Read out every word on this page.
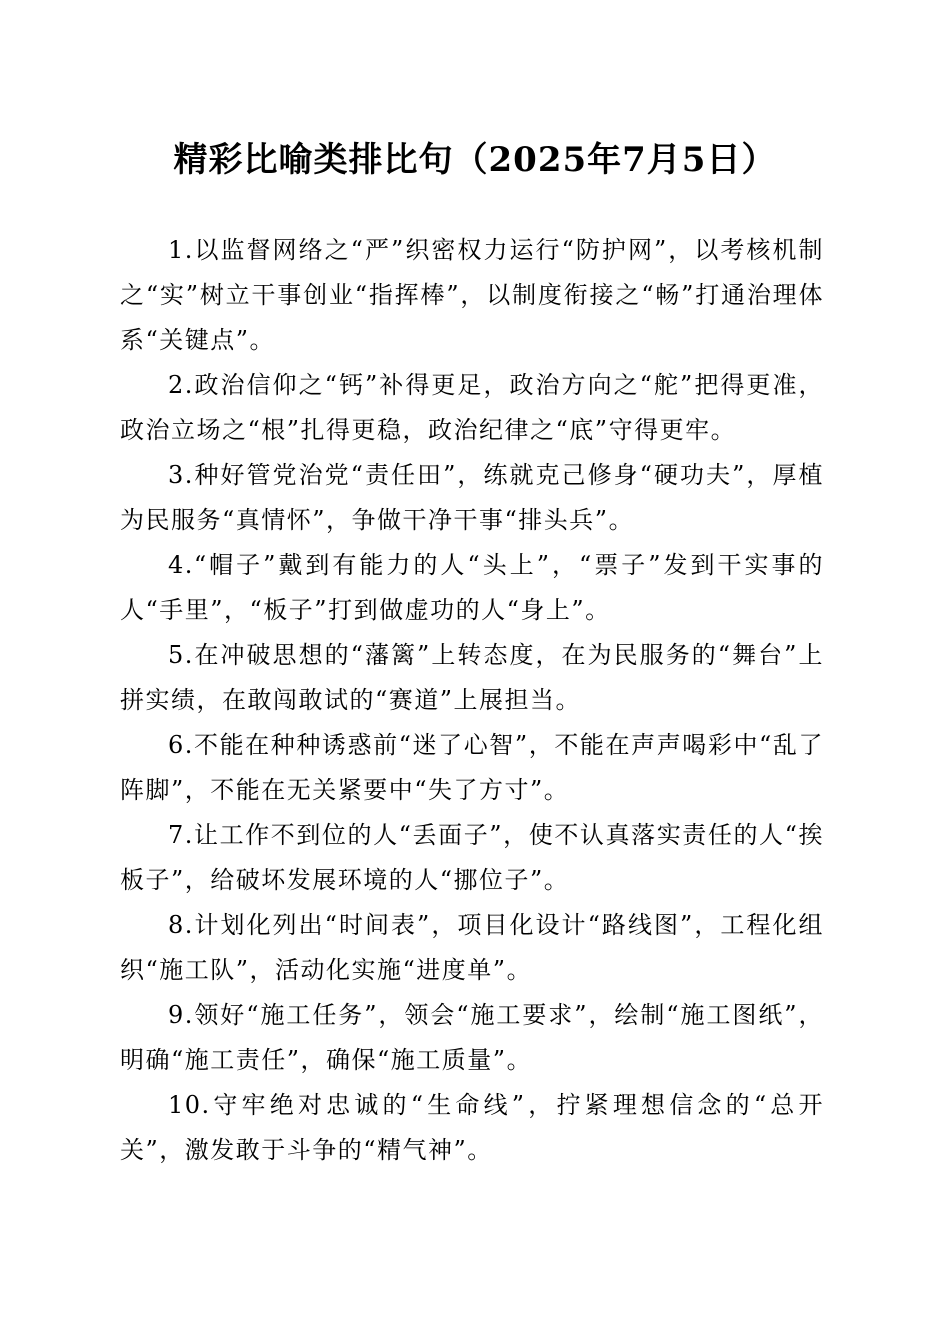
精彩比喻类排比句（2025年7月5日）

1.以监督网络之“严”织密权力运行“防护网”，以考核机制之“实”树立干事创业“指挥棒”，以制度衔接之“畅”打通治理体系“关键点”。

2.政治信仰之“钙”补得更足，政治方向之“舵”把得更准，政治立场之“根”扎得更稳，政治纪律之“底”守得更牢。

3.种好管党治党“责任田”，练就克己修身“硬功夫”，厚植为民服务“真情怀”，争做干净干事“排头兵”。

4.“帽子”戴到有能力的人“头上”，“票子”发到干实事的人“手里”，“板子”打到做虚功的人“身上”。

5.在冲破思想的“藩篱”上转态度，在为民服务的“舞台”上拼实绩，在敢闯敢试的“赛道”上展担当。

6.不能在种种诱惑前“迷了心智”，不能在声声喝彩中“乱了阵脚”，不能在无关紧要中“失了方寸”。

7.让工作不到位的人“丢面子”，使不认真落实责任的人“挨板子”，给破坏发展环境的人“挪位子”。

8.计划化列出“时间表”，项目化设计“路线图”，工程化组织“施工队”，活动化实施“进度单”。

9.领好“施工任务”，领会“施工要求”，绘制“施工图纸”，明确“施工责任”，确保“施工质量”。

10.守牢绝对忠诚的“生命线”，拧紧理想信念的“总开关”，激发敢于斗争的“精气神”。
